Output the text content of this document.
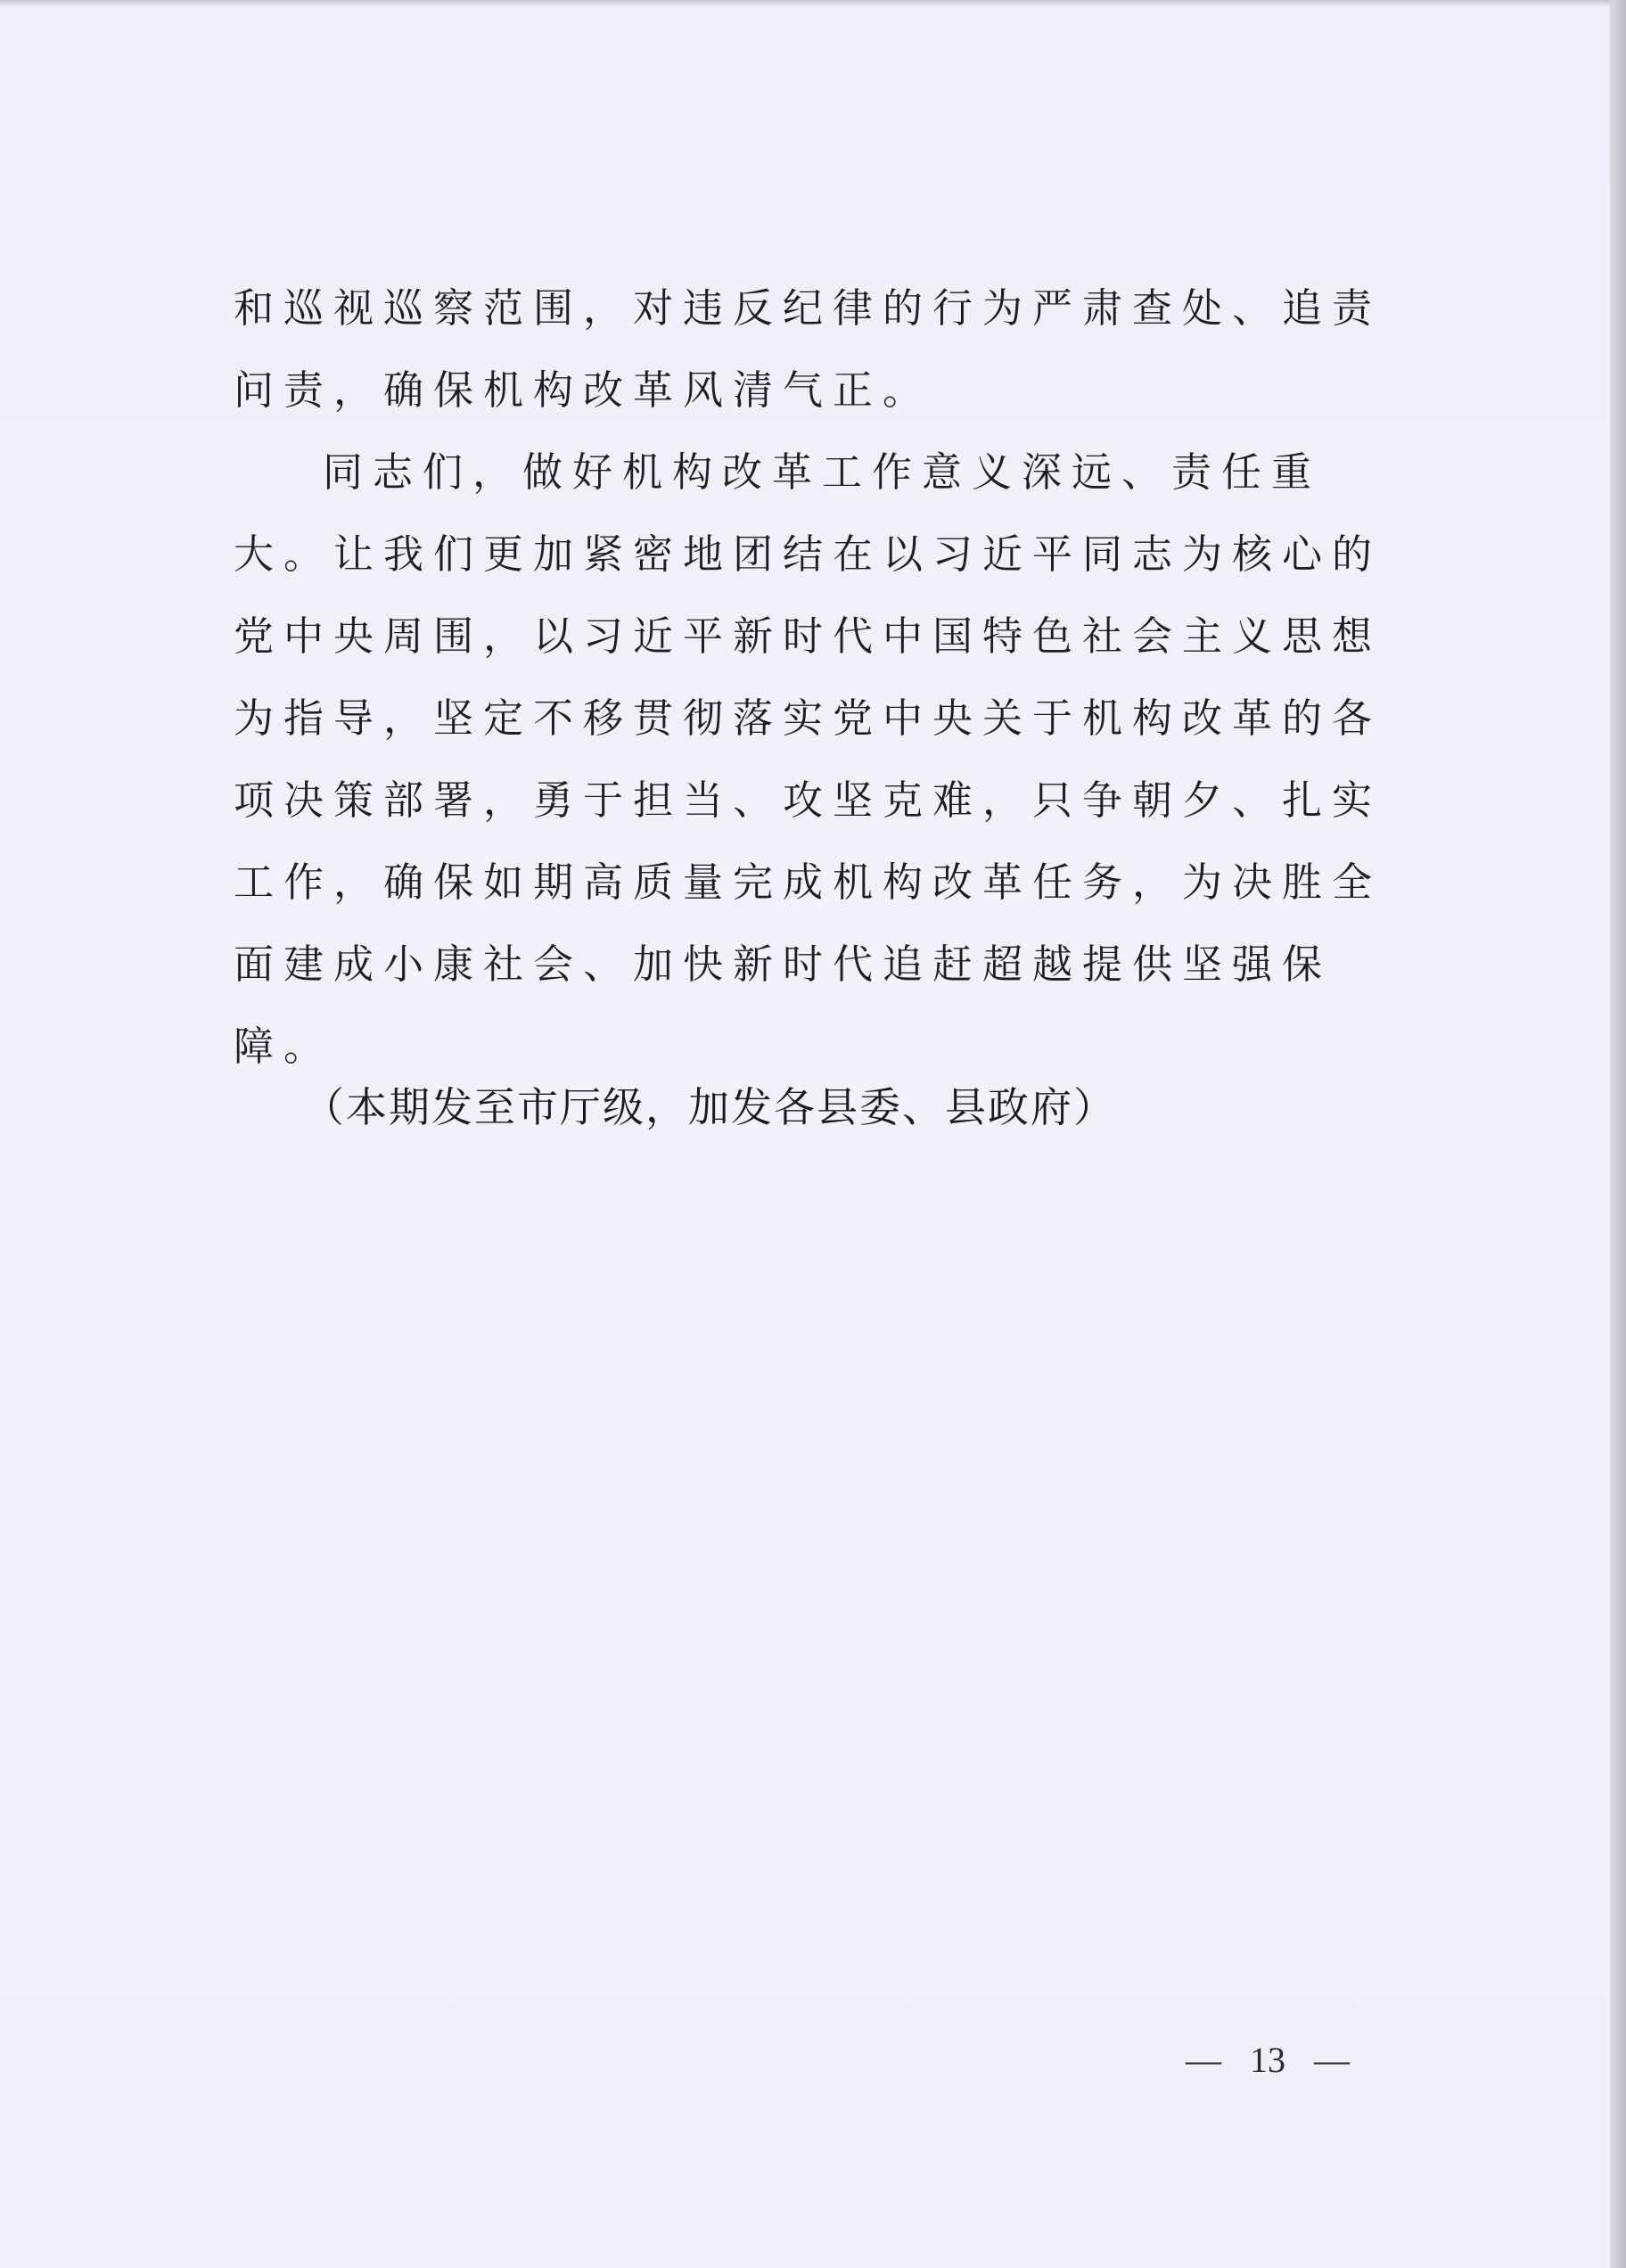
和巡视巡察范围，对违反纪律的行为严肃查处、追责问责，确保机构改革风清气正。

同志们，做好机构改革工作意义深远、责任重大。让我们更加紧密地团结在以习近平同志为核心的党中央周围，以习近平新时代中国特色社会主义思想为指导，坚定不移贯彻落实党中央关于机构改革的各项决策部署，勇于担当、攻坚克难，只争朝夕、扎实工作，确保如期高质量完成机构改革任务，为决胜全面建成小康社会、加快新时代追赶超越提供坚强保障。

（本期发至市厅级，加发各县委、县政府）
— 13 —
